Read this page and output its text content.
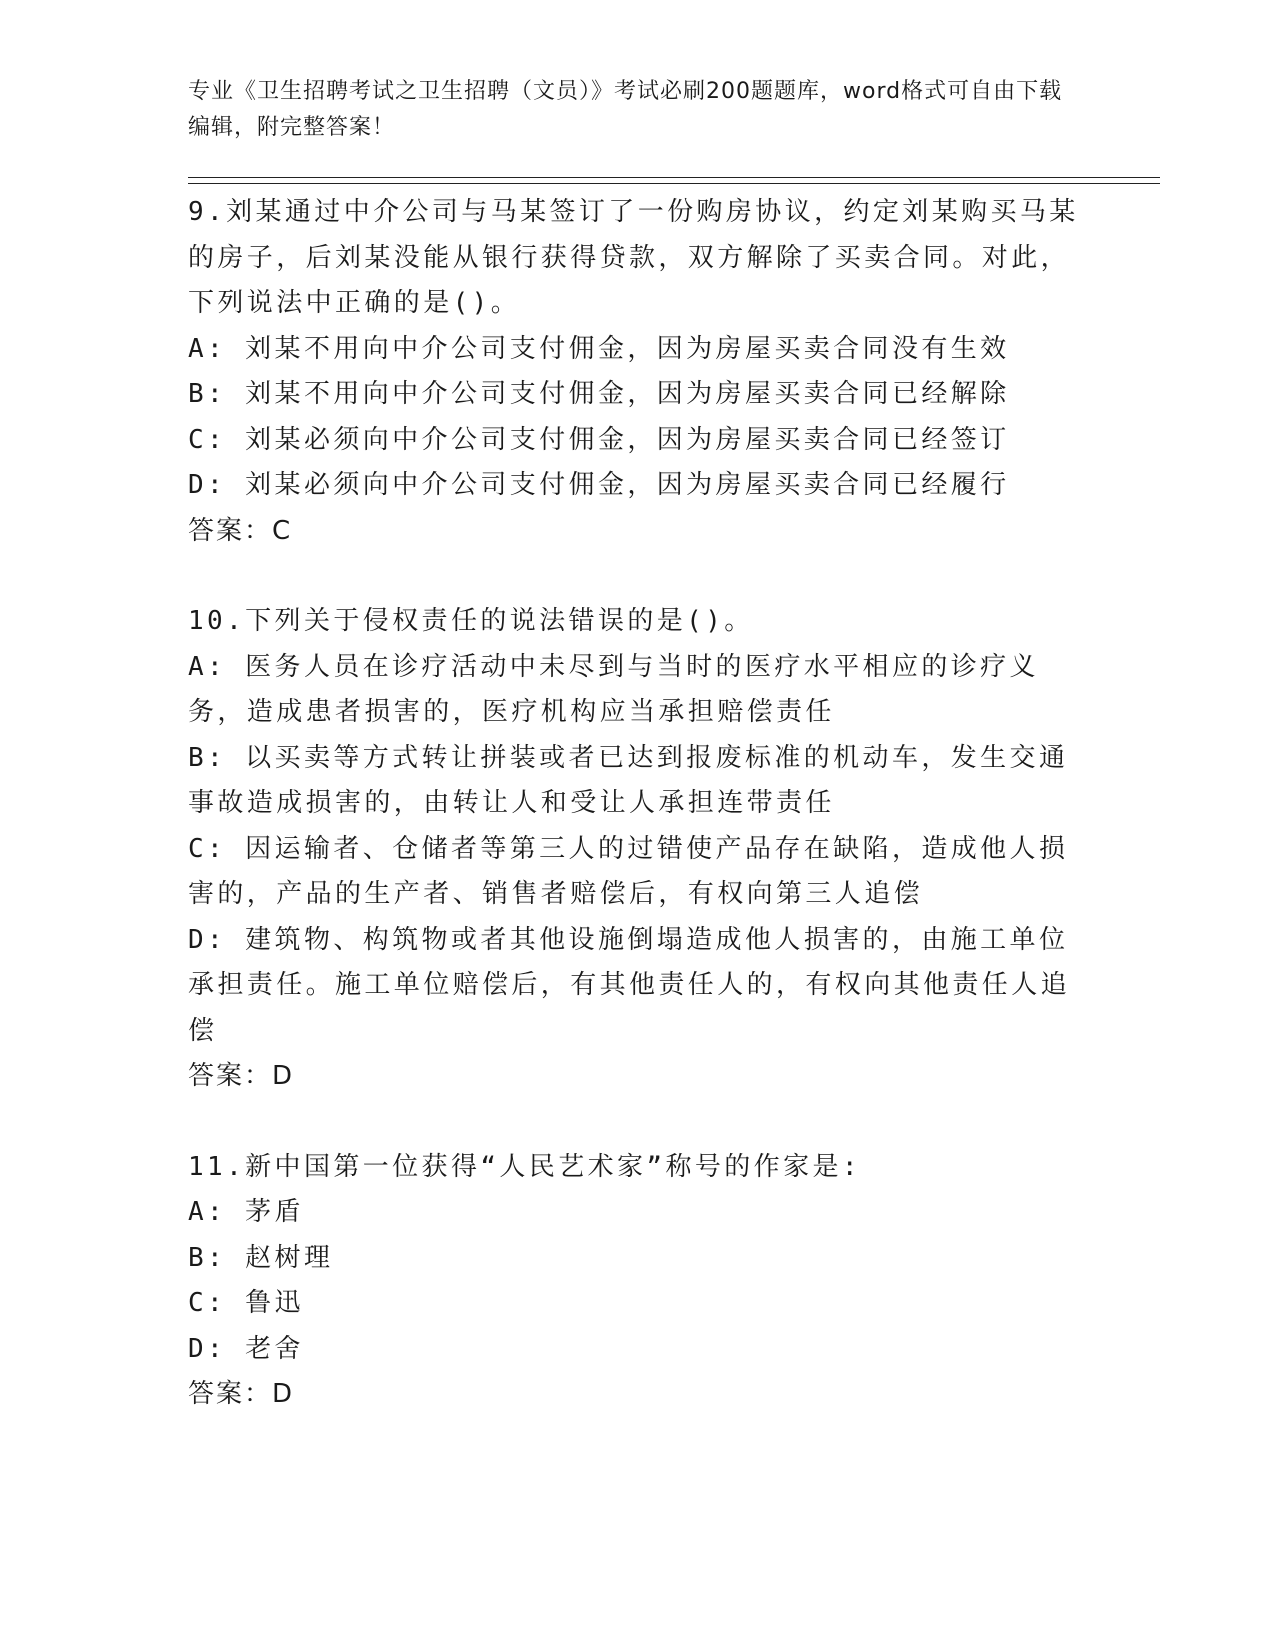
专业《卫生招聘考试之卫生招聘（文员）》考试必刷200题题库，word格式可自由下载编辑，附完整答案！
9.刘某通过中介公司与马某签订了一份购房协议，约定刘某购买马某的房子，后刘某没能从银行获得贷款，双方解除了买卖合同。对此，下列说法中正确的是()。
A: 刘某不用向中介公司支付佣金，因为房屋买卖合同没有生效
B: 刘某不用向中介公司支付佣金，因为房屋买卖合同已经解除
C: 刘某必须向中介公司支付佣金，因为房屋买卖合同已经签订
D: 刘某必须向中介公司支付佣金，因为房屋买卖合同已经履行
答案：C
10.下列关于侵权责任的说法错误的是()。
A: 医务人员在诊疗活动中未尽到与当时的医疗水平相应的诊疗义务，造成患者损害的，医疗机构应当承担赔偿责任
B: 以买卖等方式转让拼装或者已达到报废标准的机动车，发生交通事故造成损害的，由转让人和受让人承担连带责任
C: 因运输者、仓储者等第三人的过错使产品存在缺陷，造成他人损害的，产品的生产者、销售者赔偿后，有权向第三人追偿
D: 建筑物、构筑物或者其他设施倒塌造成他人损害的，由施工单位承担责任。施工单位赔偿后，有其他责任人的，有权向其他责任人追偿
答案：D
11.新中国第一位获得“人民艺术家”称号的作家是:
A: 茅盾
B: 赵树理
C: 鲁迅
D: 老舍
答案：D
